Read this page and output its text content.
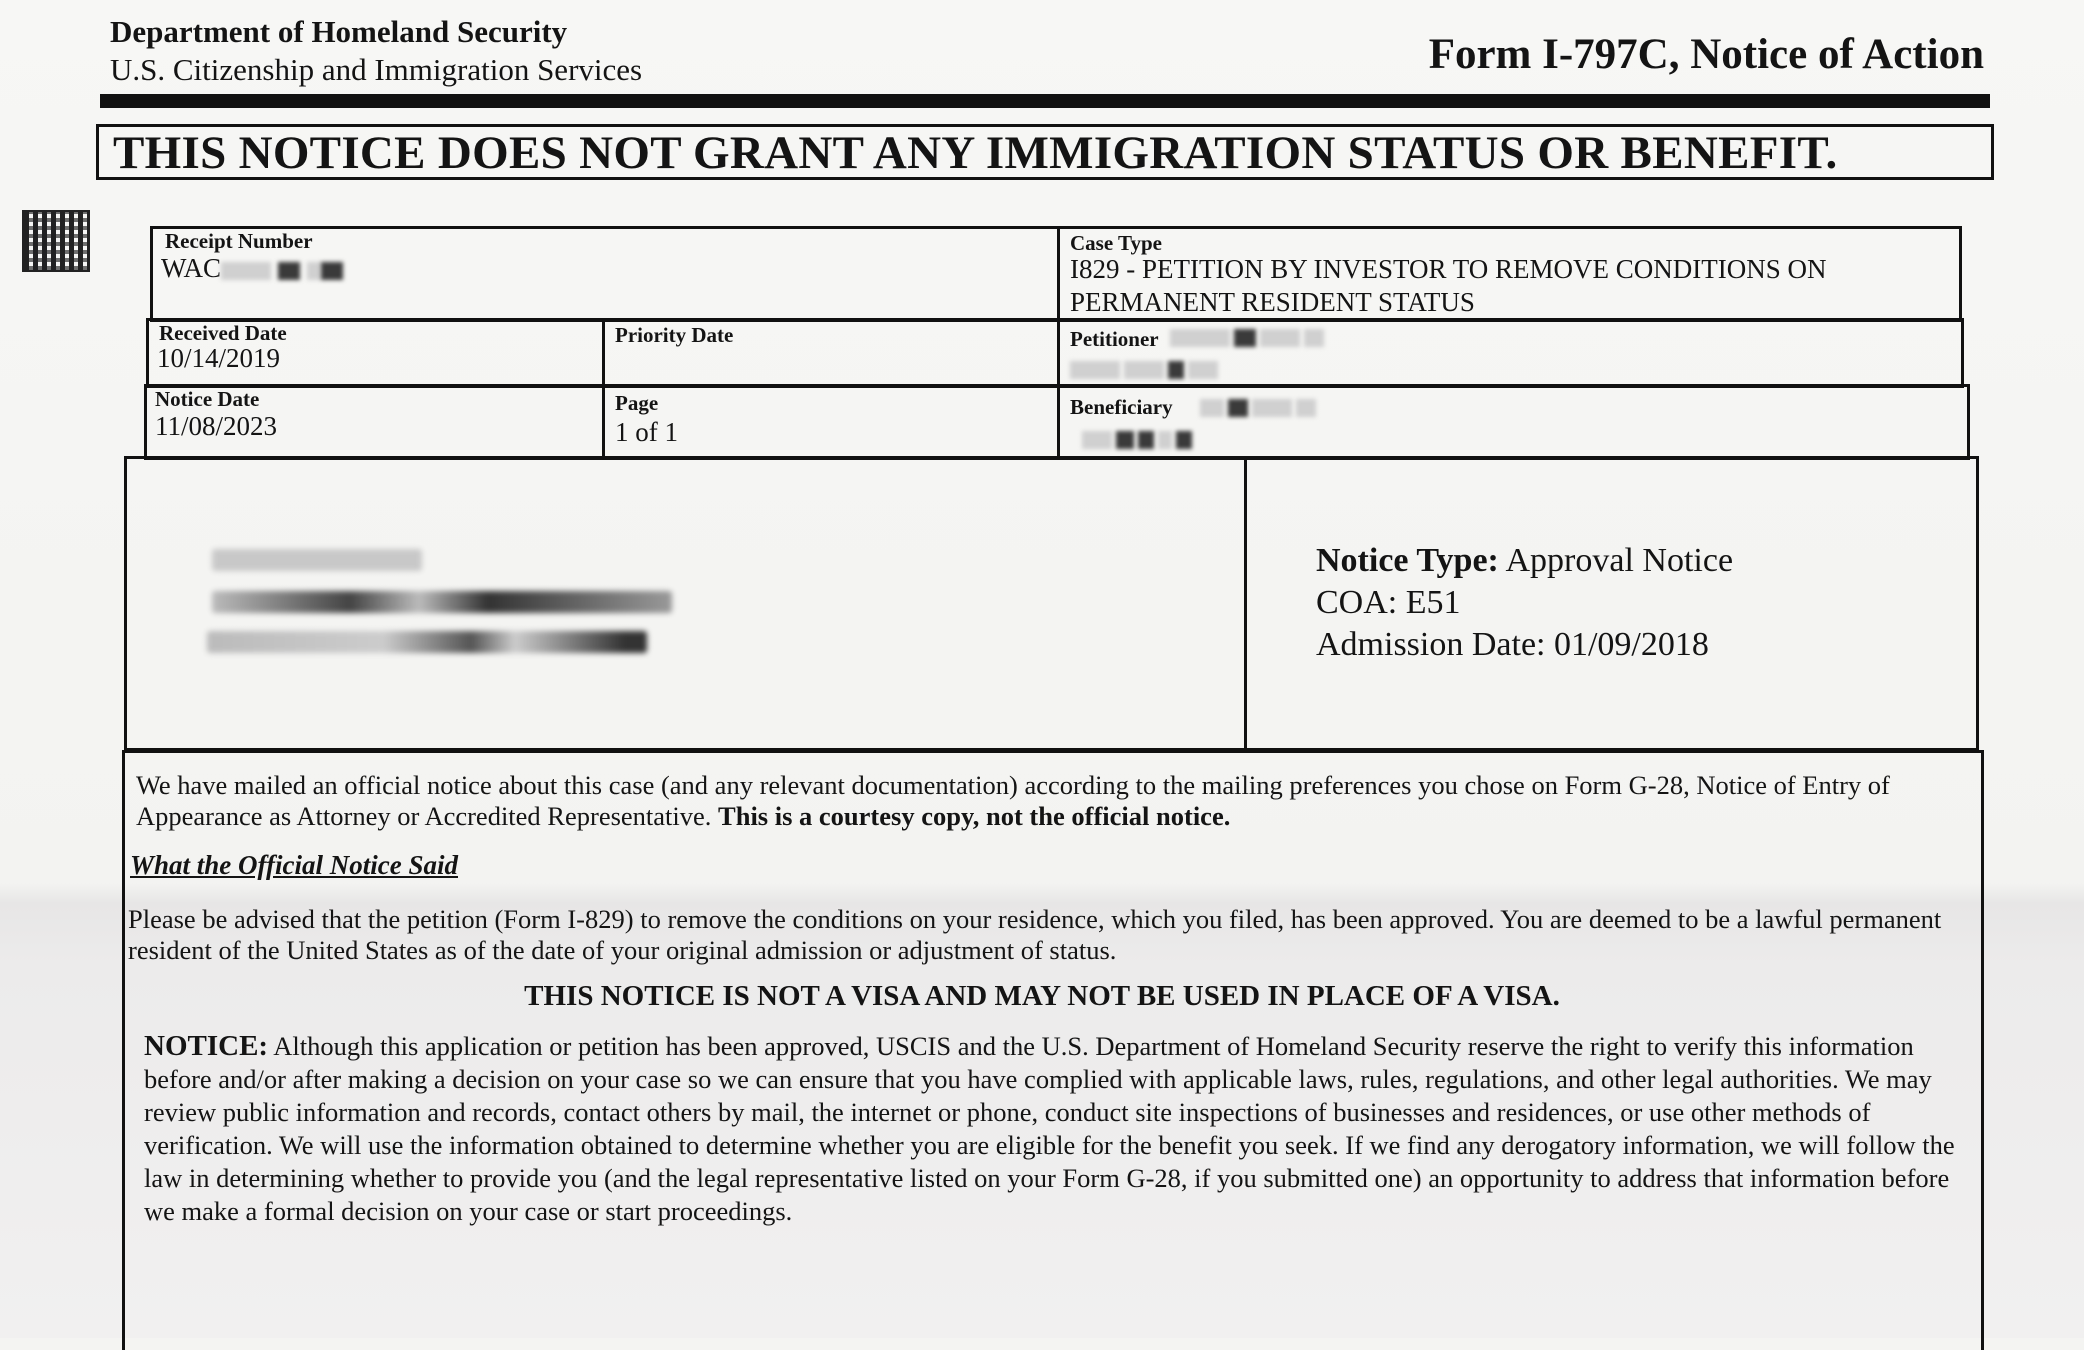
Department of Homeland Security
U.S. Citizenship and Immigration Services	Form I-797C, Notice of Action
THIS NOTICE DOES NOT GRANT ANY IMMIGRATION STATUS OR BENEFIT.
Receipt Number
WAC
Case Type
I829 - PETITION BY INVESTOR TO REMOVE CONDITIONS ON PERMANENT RESIDENT STATUS
Received Date
10/14/2019
Priority Date	Petitioner

Notice Date
11/08/2023
Page
1 of 1
Beneficiary

Notice Type: Approval Notice
COA: E51
Admission Date: 01/09/2018
We have mailed an official notice about this case (and any relevant documentation) according to the mailing preferences you chose on Form G-28, Notice of Entry of Appearance as Attorney or Accredited Representative. This is a courtesy copy, not the official notice.
What the Official Notice Said
Please be advised that the petition (Form I-829) to remove the conditions on your residence, which you filed, has been approved. You are deemed to be a lawful permanent resident of the United States as of the date of your original admission or adjustment of status.
THIS NOTICE IS NOT A VISA AND MAY NOT BE USED IN PLACE OF A VISA.
NOTICE: Although this application or petition has been approved, USCIS and the U.S. Department of Homeland Security reserve the right to verify this information before and/or after making a decision on your case so we can ensure that you have complied with applicable laws, rules, regulations, and other legal authorities. We may review public information and records, contact others by mail, the internet or phone, conduct site inspections of businesses and residences, or use other methods of verification. We will use the information obtained to determine whether you are eligible for the benefit you seek. If we find any derogatory information, we will follow the law in determining whether to provide you (and the legal representative listed on your Form G-28, if you submitted one) an opportunity to address that information before we make a formal decision on your case or start proceedings.
